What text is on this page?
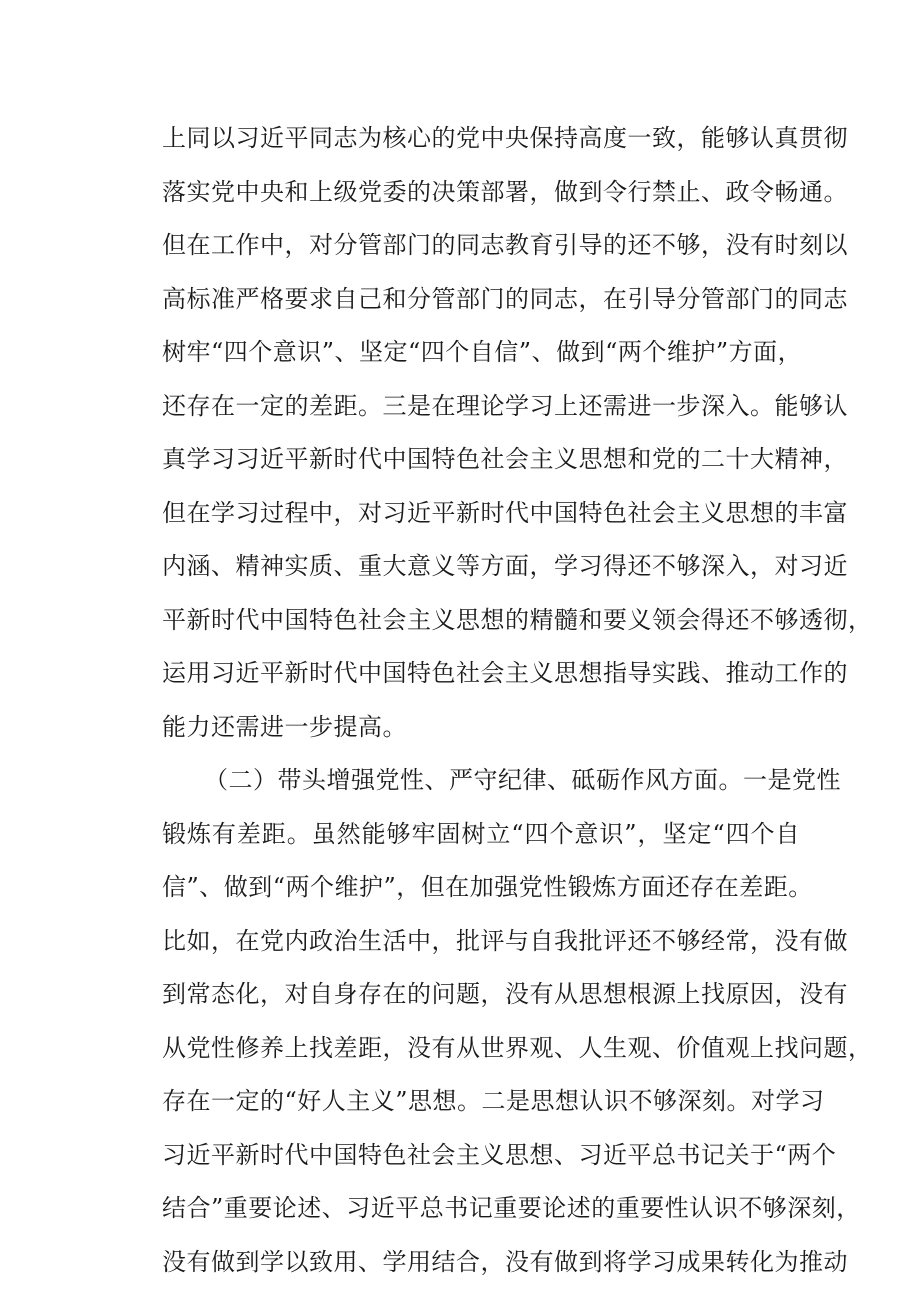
上同以习近平同志为核心的党中央保持高度一致，能够认真贯彻
落实党中央和上级党委的决策部署，做到令行禁止、政令畅通。
但在工作中，对分管部门的同志教育引导的还不够，没有时刻以
高标准严格要求自己和分管部门的同志，在引导分管部门的同志
树牢“四个意识”、坚定“四个自信”、做到“两个维护”方面，
还存在一定的差距。三是在理论学习上还需进一步深入。能够认
真学习习近平新时代中国特色社会主义思想和党的二十大精神，
但在学习过程中，对习近平新时代中国特色社会主义思想的丰富
内涵、精神实质、重大意义等方面，学习得还不够深入，对习近
平新时代中国特色社会主义思想的精髓和要义领会得还不够透彻，
运用习近平新时代中国特色社会主义思想指导实践、推动工作的
能力还需进一步提高。
（二）带头增强党性、严守纪律、砥砺作风方面。一是党性
锻炼有差距。虽然能够牢固树立“四个意识”，坚定“四个自
信”、做到“两个维护”，但在加强党性锻炼方面还存在差距。
比如，在党内政治生活中，批评与自我批评还不够经常，没有做
到常态化，对自身存在的问题，没有从思想根源上找原因，没有
从党性修养上找差距，没有从世界观、人生观、价值观上找问题，
存在一定的“好人主义”思想。二是思想认识不够深刻。对学习
习近平新时代中国特色社会主义思想、习近平总书记关于“两个
结合”重要论述、习近平总书记重要论述的重要性认识不够深刻，
没有做到学以致用、学用结合，没有做到将学习成果转化为推动
